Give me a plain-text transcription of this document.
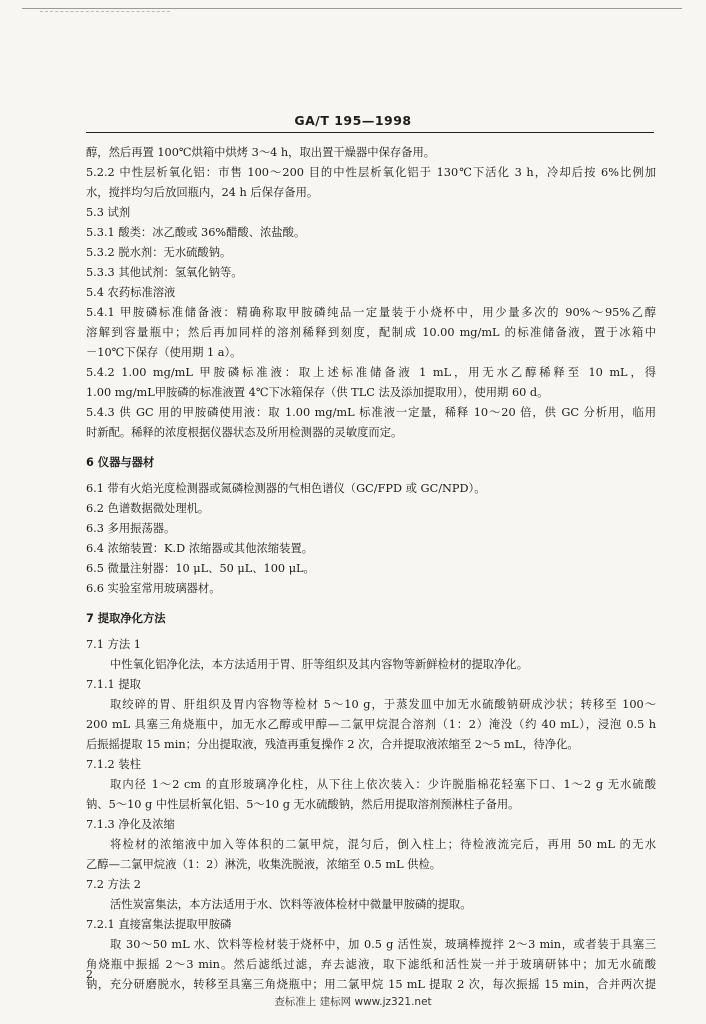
GA/T 195—1998
醇，然后再置 100℃烘箱中烘烤 3～4 h，取出置干燥器中保存备用。
5.2.2 中性层析氧化铝：市售 100～200 目的中性层析氧化铝于 130℃下活化 3 h，冷却后按 6%比例加
水，搅拌均匀后放回瓶内，24 h 后保存备用。
5.3 试剂
5.3.1 酸类：冰乙酸或 36%醋酸、浓盐酸。
5.3.2 脱水剂：无水硫酸钠。
5.3.3 其他试剂：氢氧化钠等。
5.4 农药标准溶液
5.4.1 甲胺磷标准储备液：精确称取甲胺磷纯品一定量装于小烧杯中，用少量多次的 90%～95%乙醇
溶解到容量瓶中；然后再加同样的溶剂稀释到刻度，配制成 10.00 mg/mL 的标准储备液，置于冰箱中
－10℃下保存（使用期 1 a）。
5.4.2 1.00 mg/mL 甲胺磷标准液：取上述标准储备液 1 mL，用无水乙醇稀释至 10 mL，得
1.00 mg/mL甲胺磷的标准液置 4℃下冰箱保存（供 TLC 法及添加提取用），使用期 60 d。
5.4.3 供 GC 用的甲胺磷使用液：取 1.00 mg/mL 标准液一定量，稀释 10～20 倍，供 GC 分析用，临用
时新配。稀释的浓度根据仪器状态及所用检测器的灵敏度而定。
6 仪器与器材
6.1 带有火焰光度检测器或氮磷检测器的气相色谱仪（GC/FPD 或 GC/NPD）。
6.2 色谱数据微处理机。
6.3 多用振荡器。
6.4 浓缩装置：K.D 浓缩器或其他浓缩装置。
6.5 微量注射器：10 μL、50 μL、100 μL。
6.6 实验室常用玻璃器材。
7 提取净化方法
7.1 方法 1
中性氧化铝净化法，本方法适用于胃、肝等组织及其内容物等新鲜检材的提取净化。
7.1.1 提取
取绞碎的胃、肝组织及胃内容物等检材 5～10 g，于蒸发皿中加无水硫酸钠研成沙状；转移至 100～
200 mL 具塞三角烧瓶中，加无水乙醇或甲醇—二氯甲烷混合溶剂（1：2）淹没（约 40 mL），浸泡 0.5 h
后振摇提取 15 min；分出提取液，残渣再重复操作 2 次，合并提取液浓缩至 2～5 mL，待净化。
7.1.2 装柱
取内径 1～2 cm 的直形玻璃净化柱，从下往上依次装入：少许脱脂棉花轻塞下口、1～2 g 无水硫酸
钠、5～10 g 中性层析氧化铝、5～10 g 无水硫酸钠，然后用提取溶剂预淋柱子备用。
7.1.3 净化及浓缩
将检材的浓缩液中加入等体积的二氯甲烷，混匀后，倒入柱上；待检液流完后，再用 50 mL 的无水
乙醇—二氯甲烷液（1：2）淋洗，收集洗脱液，浓缩至 0.5 mL 供检。
7.2 方法 2
活性炭富集法，本方法适用于水、饮料等液体检材中微量甲胺磷的提取。
7.2.1 直接富集法提取甲胺磷
取 30～50 mL 水、饮料等检材装于烧杯中，加 0.5 g 活性炭，玻璃棒搅拌 2～3 min，或者装于具塞三
角烧瓶中振摇 2～3 min。然后滤纸过滤，弃去滤液，取下滤纸和活性炭一并于玻璃研钵中；加无水硫酸
钠，充分研磨脱水，转移至具塞三角烧瓶中；用二氯甲烷 15 mL 提取 2 次，每次振摇 15 min，合并两次提
2
查标准上 建标网 www.jz321.net
